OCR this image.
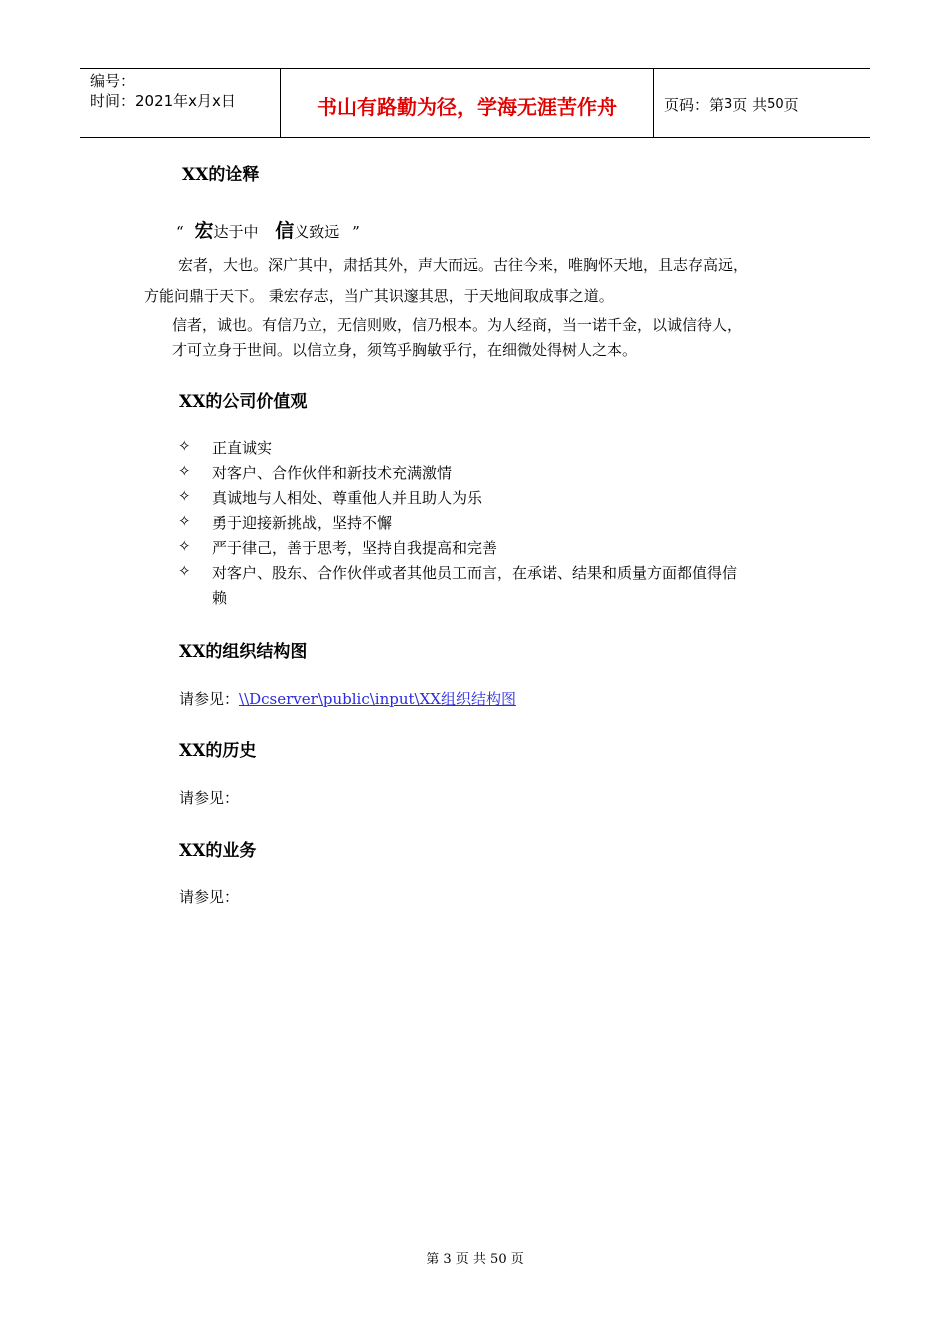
编号：
时间：2021年x月x日	书山有路勤为径，学海无涯苦作舟	页码：第 3 页 共 50 页
XX的诠释
“ 宏达于中 信义致远 ”
宏者，大也。深广其中，肃括其外，声大而远。古往今来，唯胸怀天地，且志存高远，
方能问鼎于天下。 秉宏存志，当广其识邃其思，于天地间取成事之道。
信者，诚也。有信乃立，无信则败，信乃根本。为人经商，当一诺千金，以诚信待人，
才可立身于世间。以信立身，须笃乎胸敏乎行，在细微处得树人之本。
XX的公司价值观
✧ 正直诚实
✧ 对客户、合作伙伴和新技术充满激情
✧ 真诚地与人相处、尊重他人并且助人为乐
✧ 勇于迎接新挑战，坚持不懈
✧ 严于律己，善于思考，坚持自我提高和完善
✧ 对客户、股东、合作伙伴或者其他员工而言，在承诺、结果和质量方面都值得信
赖
XX的组织结构图
请参见：\\Dcserver\public\input\XX组织结构图
XX的历史
请参见：
XX的业务
请参见：
第 3 页 共 50 页
